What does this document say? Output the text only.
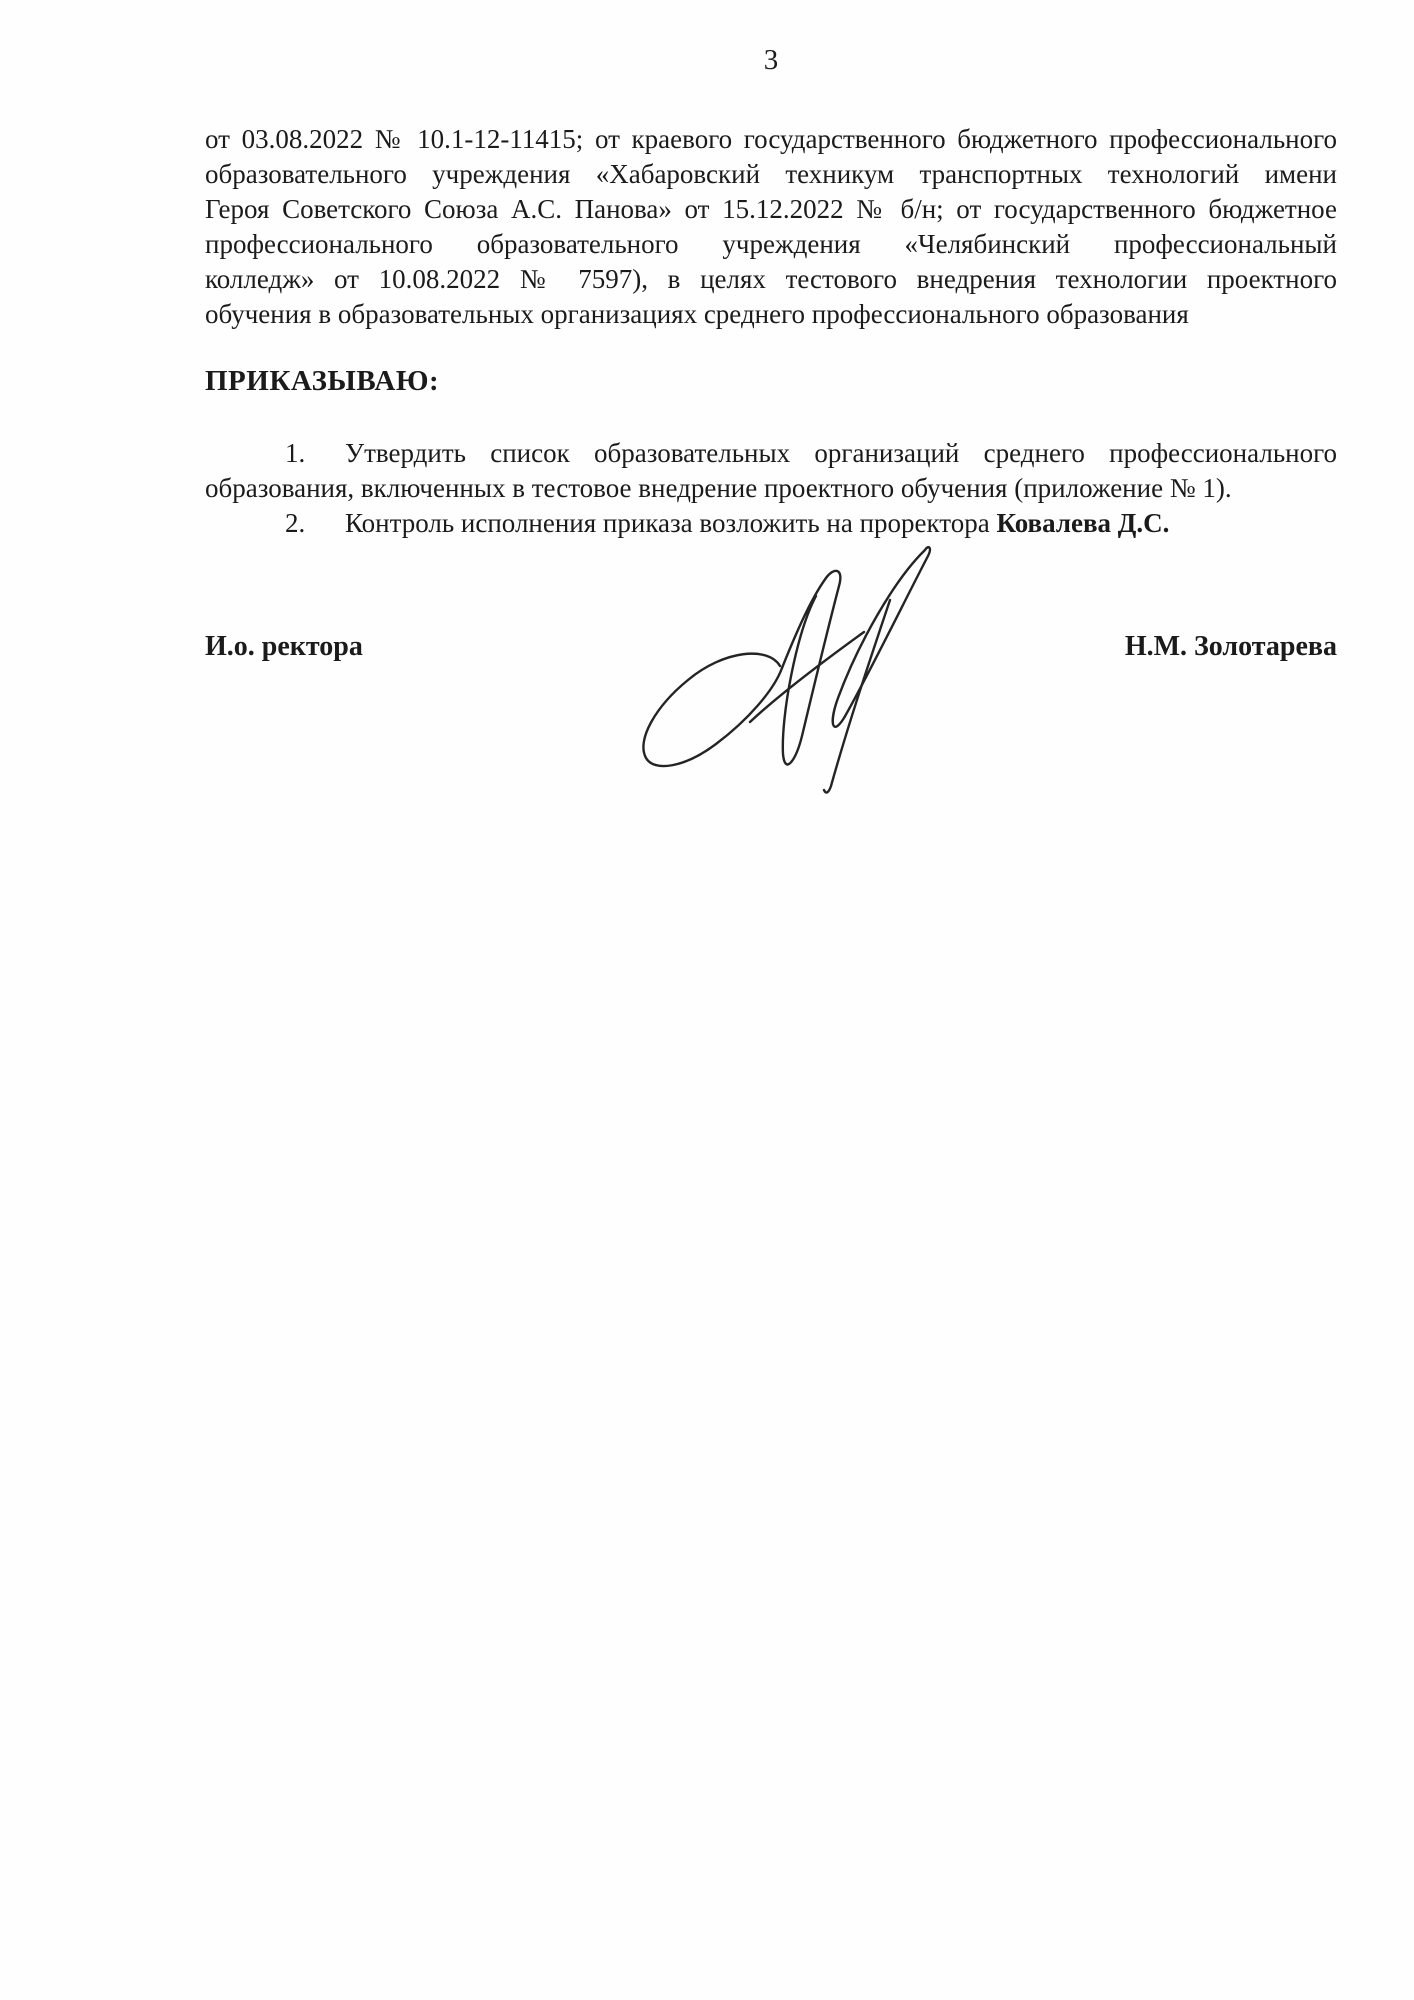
3
от 03.08.2022 № 10.1-12-11415; от краевого государственного бюджетного профессионального
образовательного учреждения «Хабаровский техникум транспортных технологий имени
Героя Советского Союза А.С. Панова» от 15.12.2022 № б/н; от государственного бюджетное
профессионального образовательного учреждения «Челябинский профессиональный
колледж» от 10.08.2022 № 7597), в целях тестового внедрения технологии проектного
обучения в образовательных организациях среднего профессионального образования
ПРИКАЗЫВАЮ:
1. Утвердить список образовательных организаций среднего профессионального
образования, включенных в тестовое внедрение проектного обучения (приложение № 1).
2. Контроль исполнения приказа возложить на проректора Ковалева Д.С.
И.о. ректора	Н.М. Золотарева
